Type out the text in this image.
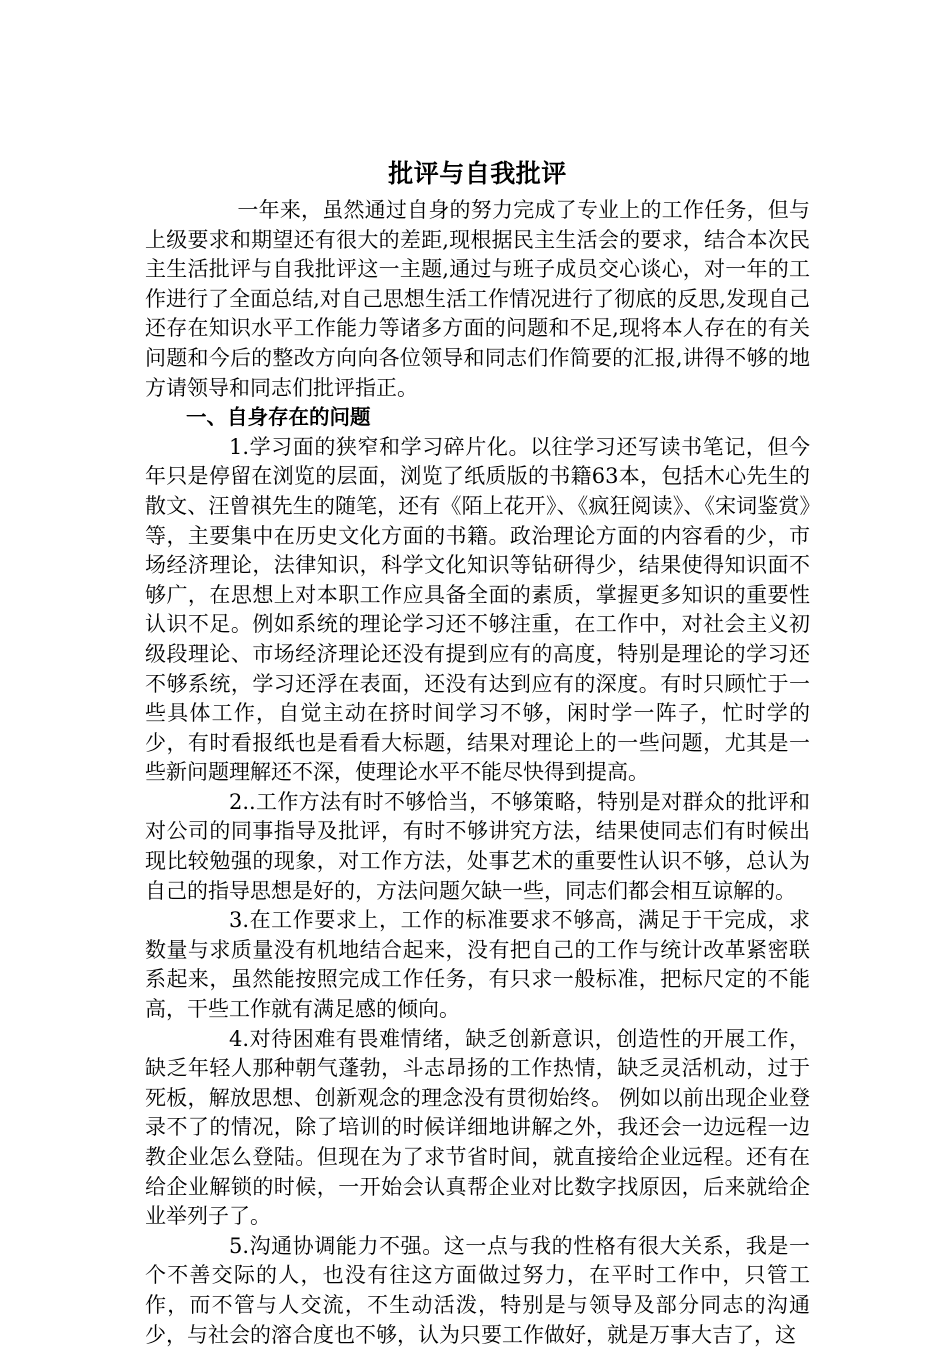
批评与自我批评

一年来，虽然通过自身的努力完成了专业上的工作任务，但与上级要求和期望还有很大的差距,现根据民主生活会的要求，结合本次民主生活批评与自我批评这一主题,通过与班子成员交心谈心，对一年的工作进行了全面总结,对自己思想生活工作情况进行了彻底的反思,发现自己还存在知识水平工作能力等诸多方面的问题和不足,现将本人存在的有关问题和今后的整改方向向各位领导和同志们作简要的汇报,讲得不够的地方请领导和同志们批评指正。

一、自身存在的问题

1.学习面的狭窄和学习碎片化。以往学习还写读书笔记，但今年只是停留在浏览的层面，浏览了纸质版的书籍63本，包括木心先生的散文、汪曾祺先生的随笔，还有《陌上花开》、《疯狂阅读》、《宋词鉴赏》等，主要集中在历史文化方面的书籍。政治理论方面的内容看的少，市场经济理论，法律知识，科学文化知识等钻研得少，结果使得知识面不够广，在思想上对本职工作应具备全面的素质，掌握更多知识的重要性认识不足。例如系统的理论学习还不够注重，在工作中，对社会主义初级段理论、市场经济理论还没有提到应有的高度，特别是理论的学习还不够系统，学习还浮在表面，还没有达到应有的深度。有时只顾忙于一些具体工作，自觉主动在挤时间学习不够，闲时学一阵子，忙时学的少，有时看报纸也是看看大标题，结果对理论上的一些问题，尤其是一些新问题理解还不深，使理论水平不能尽快得到提高。

2..工作方法有时不够恰当，不够策略，特别是对群众的批评和对公司的同事指导及批评，有时不够讲究方法，结果使同志们有时候出现比较勉强的现象，对工作方法，处事艺术的重要性认识不够，总认为自己的指导思想是好的，方法问题欠缺一些，同志们都会相互谅解的。

3.在工作要求上，工作的标准要求不够高，满足于干完成，求数量与求质量没有机地结合起来，没有把自己的工作与统计改革紧密联系起来，虽然能按照完成工作任务，有只求一般标准，把标尺定的不能高，干些工作就有满足感的倾向。

4.对待困难有畏难情绪，缺乏创新意识，创造性的开展工作，缺乏年轻人那种朝气蓬勃，斗志昂扬的工作热情，缺乏灵活机动，过于死板，解放思想、创新观念的理念没有贯彻始终。 例如以前出现企业登录不了的情况，除了培训的时候详细地讲解之外，我还会一边远程一边教企业怎么登陆。但现在为了求节省时间，就直接给企业远程。还有在给企业解锁的时候，一开始会认真帮企业对比数字找原因，后来就给企业举列子了。

5.沟通协调能力不强。这一点与我的性格有很大关系，我是一个不善交际的人，也没有往这方面做过努力，在平时工作中，只管工作，而不管与人交流，不生动活泼，特别是与领导及部分同志的沟通少，与社会的溶合度也不够，认为只要工作做好，就是万事大吉了，这
